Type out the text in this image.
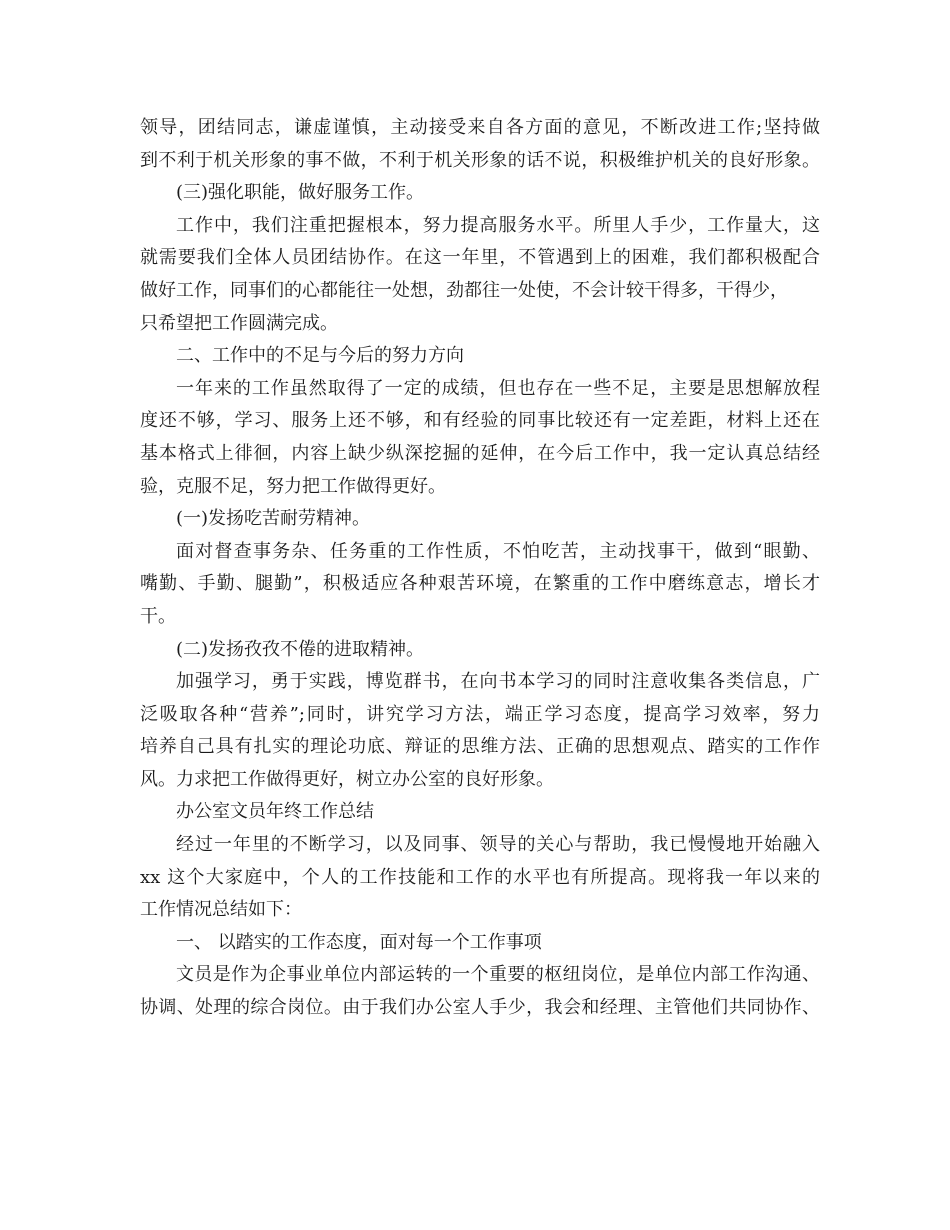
领导，团结同志，谦虚谨慎，主动接受来自各方面的意见，不断改进工作;坚持做
到不利于机关形象的事不做，不利于机关形象的话不说，积极维护机关的良好形象。
(三)强化职能，做好服务工作。
工作中，我们注重把握根本，努力提高服务水平。所里人手少，工作量大，这
就需要我们全体人员团结协作。在这一年里，不管遇到上的困难，我们都积极配合
做好工作，同事们的心都能往一处想，劲都往一处使，不会计较干得多，干得少，
只希望把工作圆满完成。
二、工作中的不足与今后的努力方向
一年来的工作虽然取得了一定的成绩，但也存在一些不足，主要是思想解放程
度还不够，学习、服务上还不够，和有经验的同事比较还有一定差距，材料上还在
基本格式上徘徊，内容上缺少纵深挖掘的延伸，在今后工作中，我一定认真总结经
验，克服不足，努力把工作做得更好。
(一)发扬吃苦耐劳精神。
面对督查事务杂、任务重的工作性质，不怕吃苦，主动找事干，做到“眼勤、
嘴勤、手勤、腿勤”，积极适应各种艰苦环境，在繁重的工作中磨练意志，增长才
干。
(二)发扬孜孜不倦的进取精神。
加强学习，勇于实践，博览群书，在向书本学习的同时注意收集各类信息，广
泛吸取各种“营养”;同时，讲究学习方法，端正学习态度，提高学习效率，努力
培养自己具有扎实的理论功底、辩证的思维方法、正确的思想观点、踏实的工作作
风。力求把工作做得更好，树立办公室的良好形象。
办公室文员年终工作总结
经过一年里的不断学习，以及同事、领导的关心与帮助，我已慢慢地开始融入
xx 这个大家庭中，个人的工作技能和工作的水平也有所提高。现将我一年以来的
工作情况总结如下：
一、 以踏实的工作态度，面对每一个工作事项
文员是作为企事业单位内部运转的一个重要的枢纽岗位，是单位内部工作沟通、
协调、处理的综合岗位。由于我们办公室人手少，我会和经理、主管他们共同协作、
